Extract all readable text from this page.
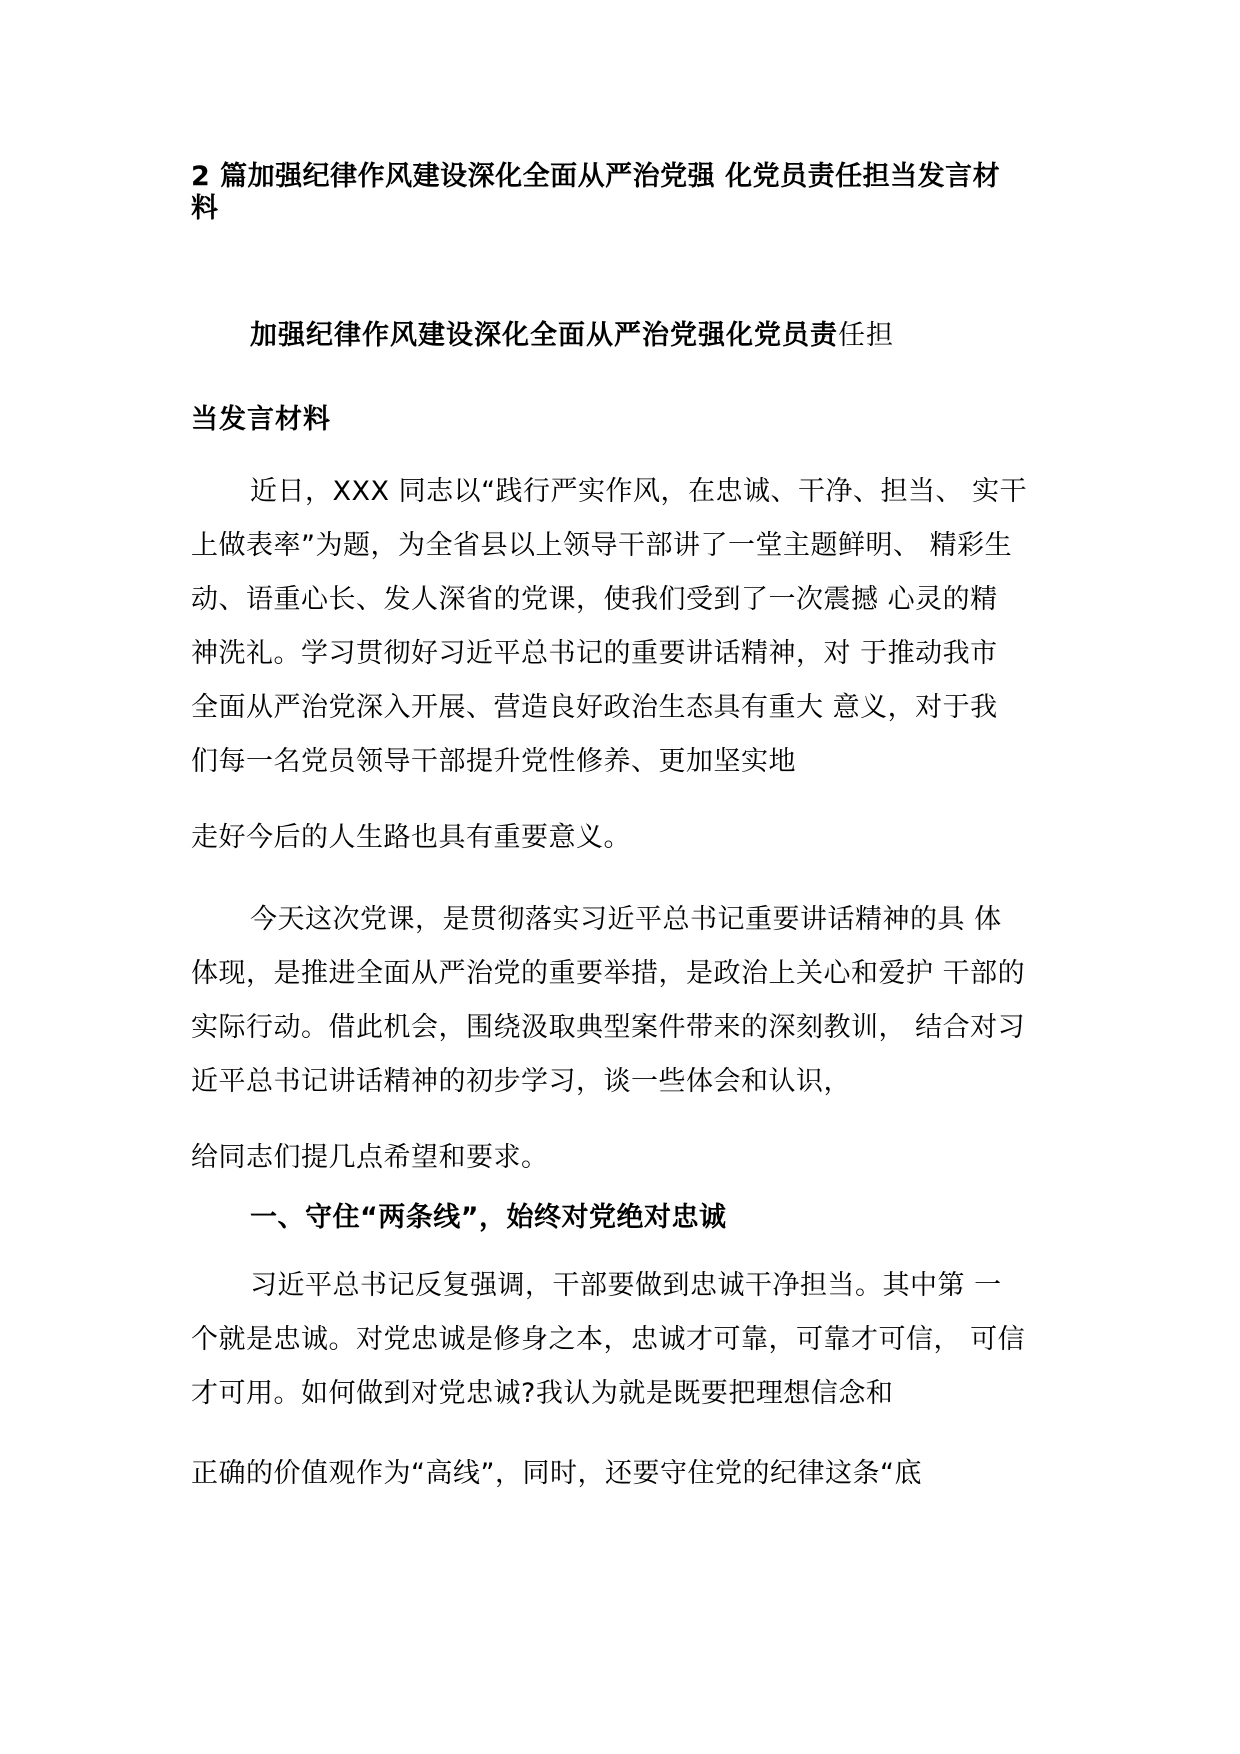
2 篇加强纪律作风建设深化全面从严治党强 化党员责任担当发言材
料
加强纪律作风建设深化全面从严治党强化党员责任担
当发言材料
近日，XXX 同志以“践行严实作风，在忠诚、干净、担当、 实干
上做表率”为题，为全省县以上领导干部讲了一堂主题鲜明、 精彩生
动、语重心长、发人深省的党课，使我们受到了一次震撼 心灵的精
神洗礼。学习贯彻好习近平总书记的重要讲话精神，对 于推动我市
全面从严治党深入开展、营造良好政治生态具有重大 意义，对于我
们每一名党员领导干部提升党性修养、更加坚实地
走好今后的人生路也具有重要意义。
今天这次党课，是贯彻落实习近平总书记重要讲话精神的具 体
体现，是推进全面从严治党的重要举措，是政治上关心和爱护 干部的
实际行动。借此机会，围绕汲取典型案件带来的深刻教训， 结合对习
近平总书记讲话精神的初步学习，谈一些体会和认识，
给同志们提几点希望和要求。
一、守住“两条线”，始终对党绝对忠诚
习近平总书记反复强调，干部要做到忠诚干净担当。其中第 一
个就是忠诚。对党忠诚是修身之本，忠诚才可靠，可靠才可信， 可信
才可用。如何做到对党忠诚?我认为就是既要把理想信念和
正确的价值观作为“高线”，同时，还要守住党的纪律这条“底
